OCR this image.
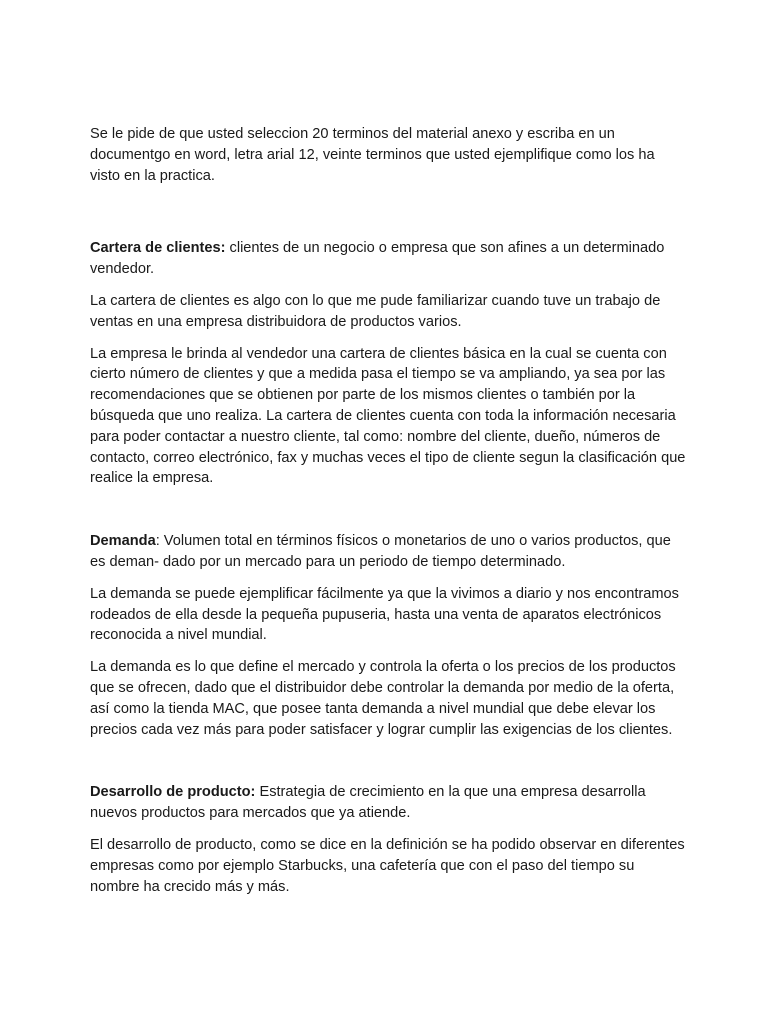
Se le pide de que usted seleccion 20 terminos del material anexo y escriba en un documentgo en word, letra arial 12, veinte terminos que usted ejemplifique como los ha visto en la practica.

Cartera de clientes: clientes de un negocio o empresa que son afines a un determinado vendedor.

La cartera de clientes es algo con lo que me pude familiarizar cuando tuve un trabajo de ventas en una empresa distribuidora de productos varios.

La empresa le brinda al vendedor una cartera de clientes básica en la cual se cuenta con cierto número de clientes y que a medida pasa el tiempo se va ampliando, ya sea por las recomendaciones que se obtienen por parte de los mismos clientes o también por la búsqueda que uno realiza. La cartera de clientes cuenta con toda la información necesaria para poder contactar a nuestro cliente, tal como: nombre del cliente, dueño, números de contacto, correo electrónico, fax y muchas veces el tipo de cliente segun la clasificación que realice la empresa.

Demanda: Volumen total en términos físicos o monetarios de uno o varios productos, que es deman- dado por un mercado para un periodo de tiempo determinado.

La demanda se puede ejemplificar fácilmente ya que la vivimos a diario y nos encontramos rodeados de ella desde la pequeña pupuseria, hasta una venta de aparatos electrónicos reconocida a nivel mundial.

La demanda es lo que define el mercado y controla la oferta o los precios de los productos que se ofrecen, dado que el distribuidor debe controlar la demanda por medio de la oferta, así como la tienda MAC, que posee tanta demanda a nivel mundial que debe elevar los precios cada vez más para poder satisfacer y lograr cumplir las exigencias de los clientes.

Desarrollo de producto: Estrategia de crecimiento en la que una empresa desarrolla nuevos productos para mercados que ya atiende.

El desarrollo de producto, como se dice en la definición se ha podido observar en diferentes empresas como por ejemplo Starbucks, una cafetería que con el paso del tiempo su nombre ha crecido más y más.
